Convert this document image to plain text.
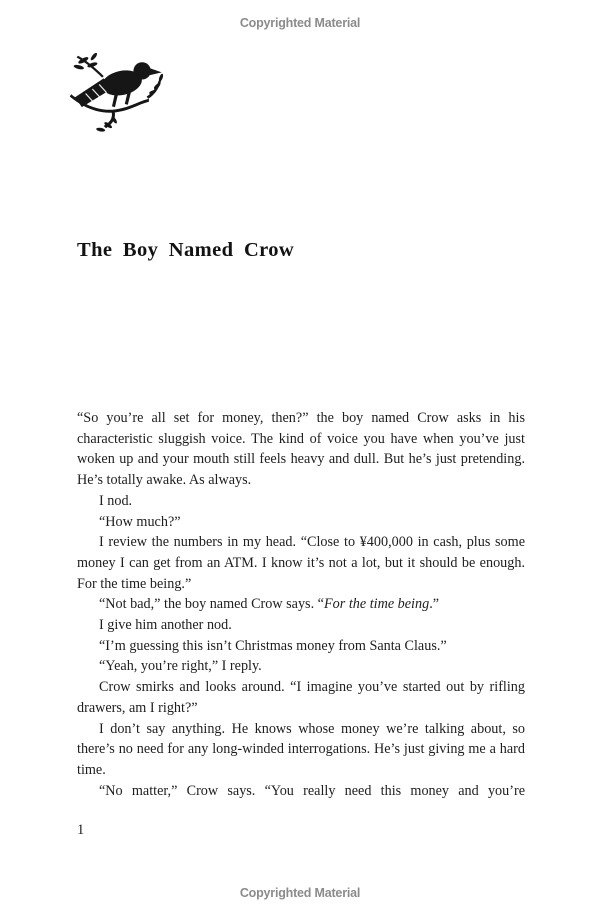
Copyrighted Material
The Boy Named Crow

“So you’re all set for money, then?” the boy named Crow asks in his characteristic sluggish voice. The kind of voice you have when you’ve just woken up and your mouth still feels heavy and dull. But he’s just pretending. He’s totally awake. As always.

I nod.

“How much?”

I review the numbers in my head. “Close to ¥400,000 in cash, plus some money I can get from an ATM. I know it’s not a lot, but it should be enough. For the time being.”

“Not bad,” the boy named Crow says. “For the time being.”

I give him another nod.

“I’m guessing this isn’t Christmas money from Santa Claus.”

“Yeah, you’re right,” I reply.

Crow smirks and looks around. “I imagine you’ve started out by rifling drawers, am I right?”

I don’t say anything. He knows whose money we’re talking about, so there’s no need for any long-winded interrogations. He’s just giving me a hard time.

“No matter,” Crow says. “You really need this money and you’re

1
Copyrighted Material
